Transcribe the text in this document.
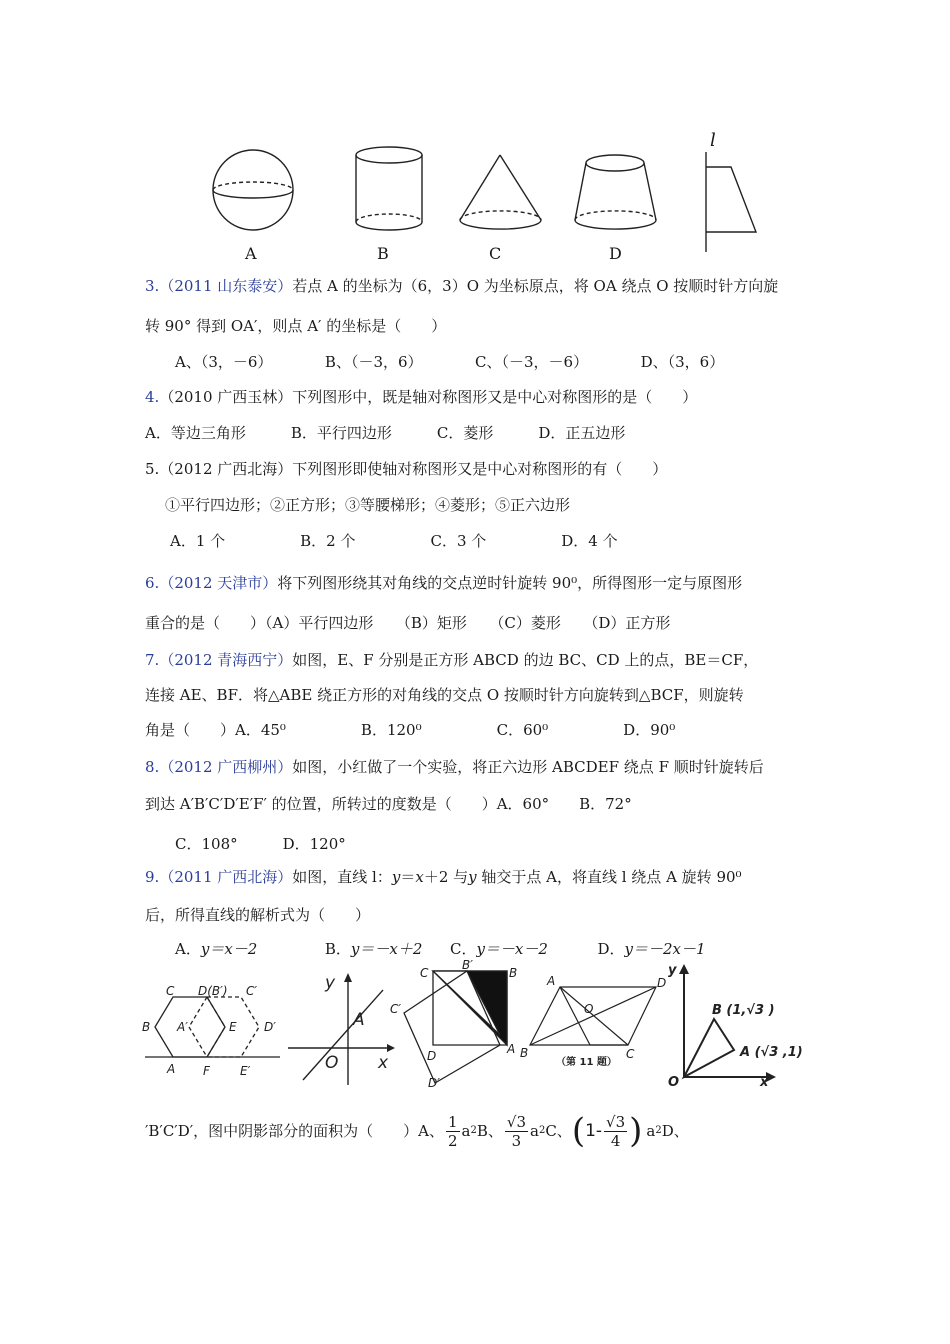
A	B	C	D
l
3.（2011 山东泰安）若点 A 的坐标为（6，3）O 为坐标原点，将 OA 绕点 O 按顺时针方向旋
转 90° 得到 OA′，则点 A′ 的坐标是（　　）
A、（3，－6）　　　　B、（－3，6）　　　　C、（－3，－6）　　　　D、（3，6）
4.（2010 广西玉林）下列图形中，既是轴对称图形又是中心对称图形的是（　　）
A．等边三角形　　　B．平行四边形　　　C．菱形　　　D．正五边形
5.（2012 广西北海）下列图形即使轴对称图形又是中心对称图形的有（　　）
①平行四边形；②正方形；③等腰梯形；④菱形；⑤正六边形
A．1 个　　　　　B．2 个　　　　　C．3 个　　　　　D．4 个
6.（2012 天津市）将下列图形绕其对角线的交点逆时针旋转 90⁰，所得图形一定与原图形
重合的是（　　）（A）平行四边形　　（B）矩形　　（C）菱形　　（D）正方形
7.（2012 青海西宁）如图，E、F 分别是正方形 ABCD 的边 BC、CD 上的点，BE＝CF，
连接 AE、BF．将△ABE 绕正方形的对角线的交点 O 按顺时针方向旋转到△BCF，则旋转
角是（　　）A．45⁰　　　　　B．120⁰　　　　　C．60⁰　　　　　D．90⁰
8.（2012 广西柳州）如图，小红做了一个实验，将正六边形 ABCDEF 绕点 F 顺时针旋转后
到达 A′B′C′D′E′F′ 的位置，所转过的度数是（　　）A．60°　　B．72°
C．108°　　　D．120°
9.（2011 广西北海）如图，直线 l：y＝x＋2 与y 轴交于点 A，将直线 l 绕点 A 旋转 90⁰
后，所得直线的解析式为（　　）
A．y＝x－2	B．y＝－x＋2 C．y＝－x－2	D．y＝－2x－1
C D(B′) C′
B A′	E D′
A F	E′
y
A
O x
C
B′
B
C′
D	A
D′
A	D
O
B	C
（第 11 题）
y
B (1,√3 )
A (√3 ,1)
O	x
′B′C′D′，图中阴影部分的面积为（　　）A、 $\frac{1}{2}$ a 2 B、 $\frac{√3}{3}$ a 2 C、 ( $1- \frac{√3}{4}$ ) a 2 D、
